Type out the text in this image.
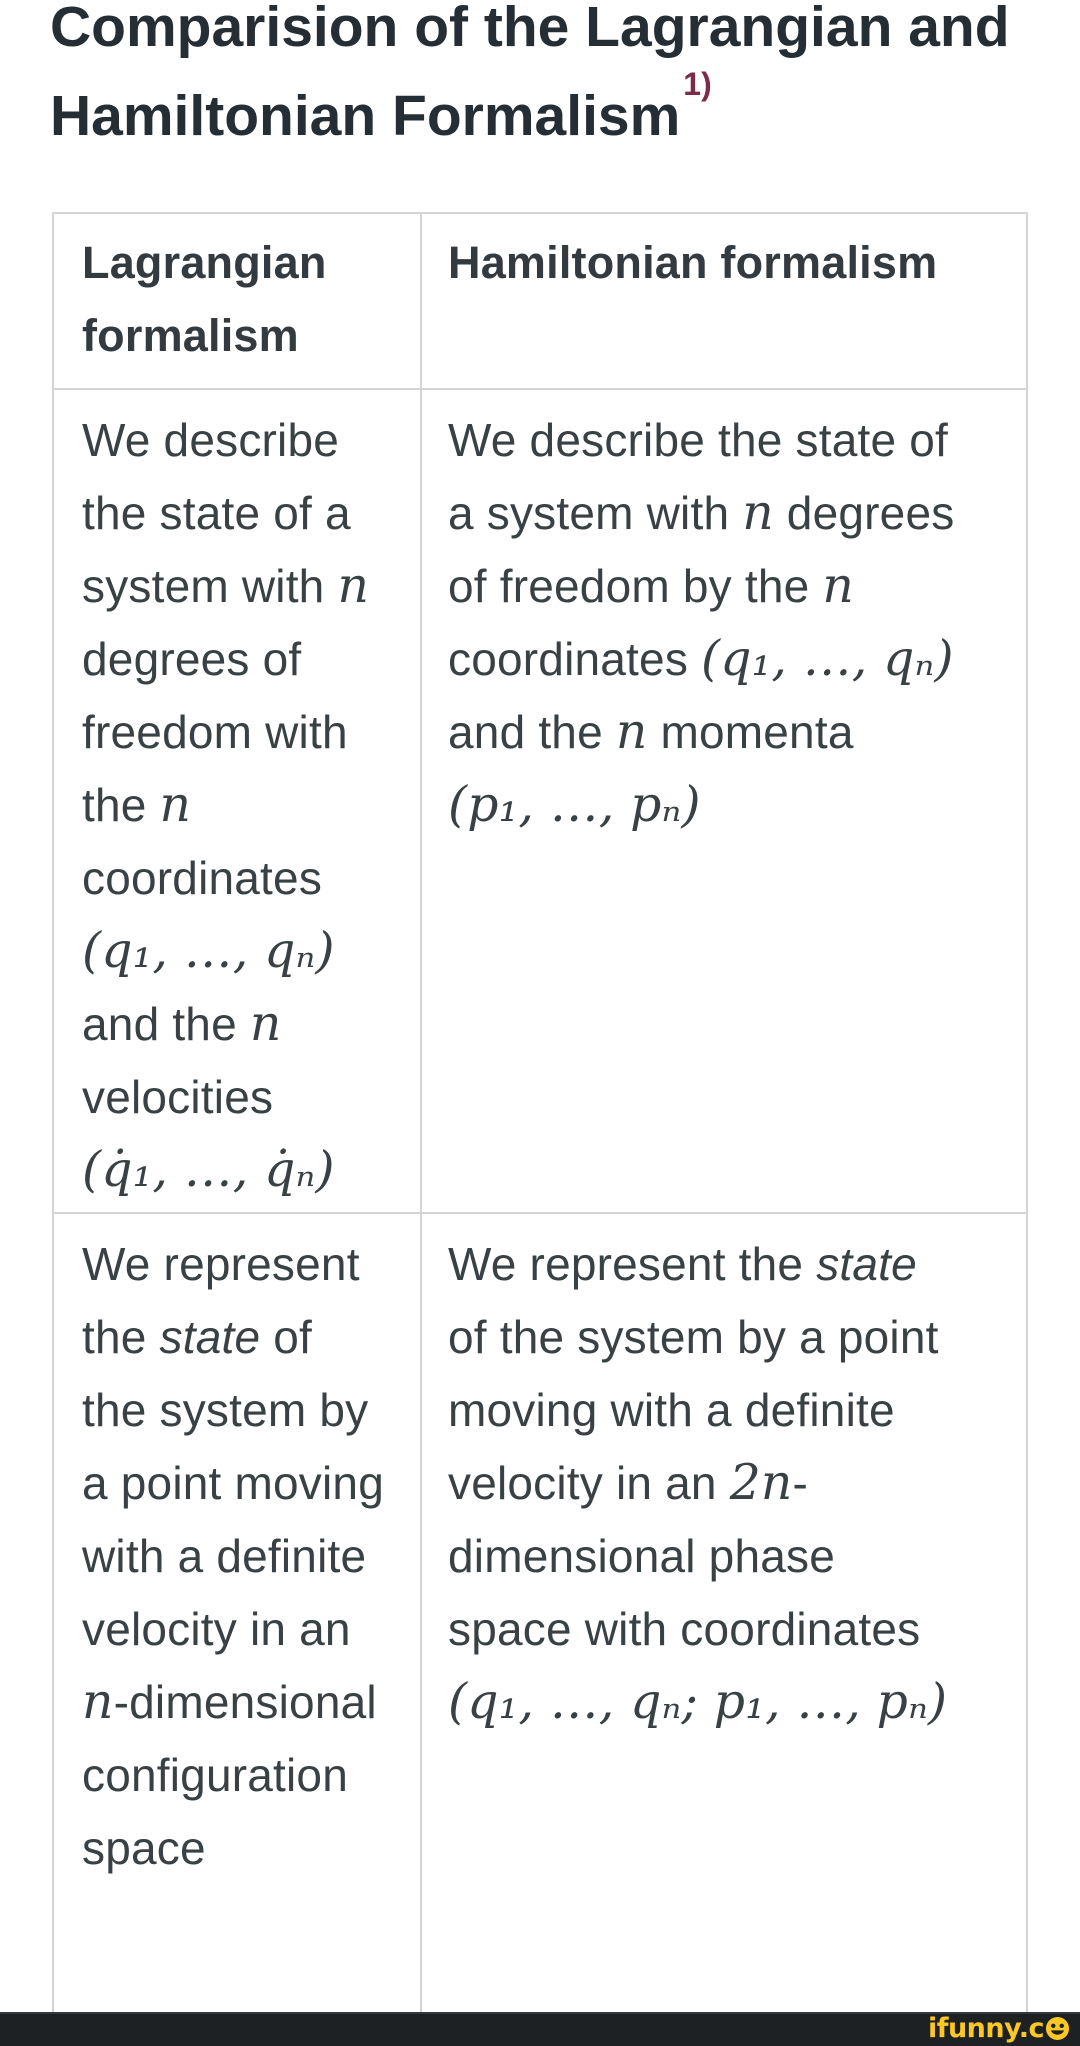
Comparision of the Lagrangian and Hamiltonian Formalism$^{1)}$
Lagrangian formalism
Hamiltonian formalism
We describe the state of a system with n degrees of freedom with the n coordinates (q₁, …, qₙ) and the n velocities (q̇₁, …, q̇ₙ)
We describe the state of a system with n degrees of freedom by the n coordinates (q₁, …, qₙ) and the n momenta (p₁, …, pₙ)
We represent the state of the system by a point moving with a definite velocity in an n-dimensional configuration space
We represent the state of the system by a point moving with a definite velocity in an 2n-dimensional phase space with coordinates (q₁, …, qₙ; p₁, …, pₙ)
ifunny.c
